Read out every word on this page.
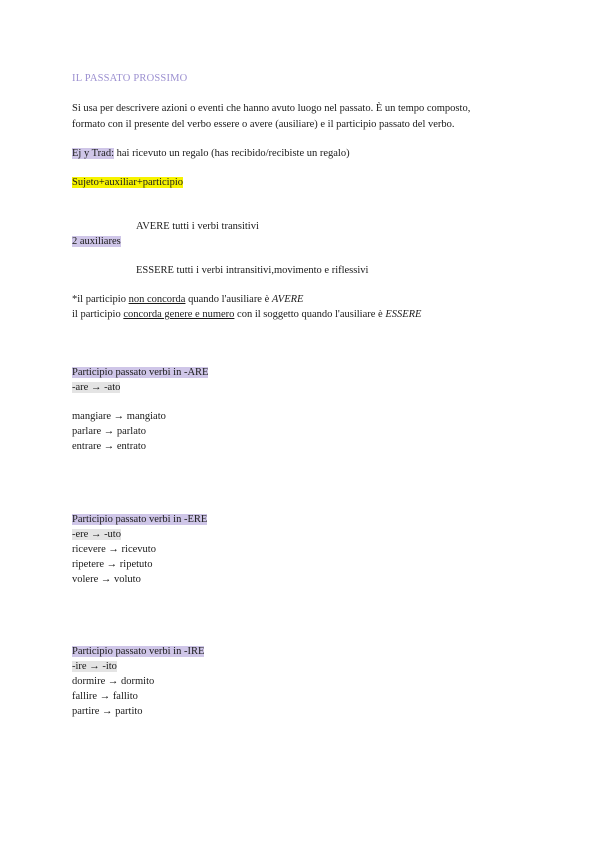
IL PASSATO PROSSIMO
Si usa per descrivere azioni o eventi che hanno avuto luogo nel passato. È un tempo composto,
formato con il presente del verbo essere o avere (ausiliare) e il participio passato del verbo.
Ej y Trad: hai ricevuto un regalo (has recibido/recibiste un regalo)
Sujeto+auxiliar+participio
AVERE tutti i verbi transitivi
2 auxiliares
ESSERE tutti i verbi intransitivi,movimento e riflessivi
*il participio non concorda quando l'ausiliare è AVERE
il participio concorda genere e numero con il soggetto quando l'ausiliare è ESSERE
Participio passato verbi in -ARE
-are → -ato
mangiare → mangiato
parlare → parlato
entrare → entrato
Participio passato verbi in -ERE
-ere → -uto
ricevere → ricevuto
ripetere → ripetuto
volere → voluto
Participio passato verbi in -IRE
-ire → -ito
dormire → dormito
fallire → fallito
partire → partito
